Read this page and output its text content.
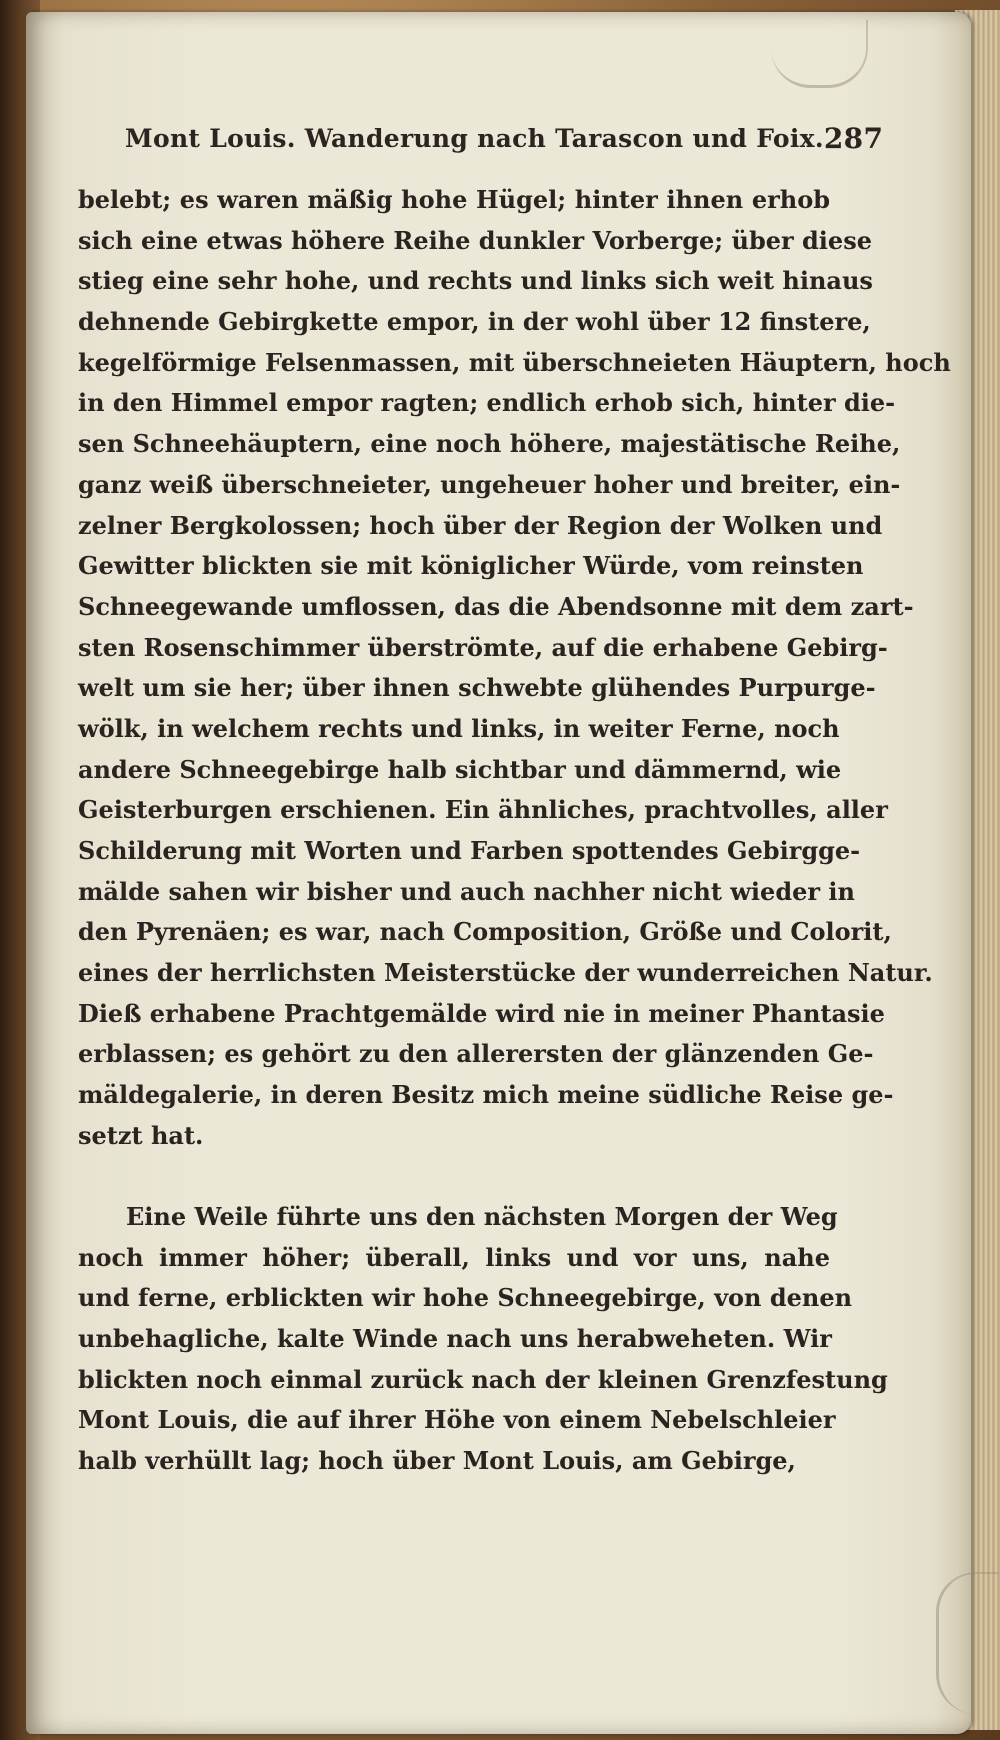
Mont Louis. Wanderung nach Tarascon und Foix. 287
belebt; es waren mäßig hohe Hügel; hinter ihnen erhob
sich eine etwas höhere Reihe dunkler Vorberge; über diese
stieg eine sehr hohe, und rechts und links sich weit hinaus
dehnende Gebirgkette empor, in der wohl über 12 finstere,
kegelförmige Felsenmassen, mit überschneieten Häuptern, hoch
in den Himmel empor ragten; endlich erhob sich, hinter die-
sen Schneehäuptern, eine noch höhere, majestätische Reihe,
ganz weiß überschneieter, ungeheuer hoher und breiter, ein-
zelner Bergkolossen; hoch über der Region der Wolken und
Gewitter blickten sie mit königlicher Würde, vom reinsten
Schneegewande umflossen, das die Abendsonne mit dem zart-
sten Rosenschimmer überströmte, auf die erhabene Gebirg-
welt um sie her; über ihnen schwebte glühendes Purpurge-
wölk, in welchem rechts und links, in weiter Ferne, noch
andere Schneegebirge halb sichtbar und dämmernd, wie
Geisterburgen erschienen. Ein ähnliches, prachtvolles, aller
Schilderung mit Worten und Farben spottendes Gebirgge-
mälde sahen wir bisher und auch nachher nicht wieder in
den Pyrenäen; es war, nach Composition, Größe und Colorit,
eines der herrlichsten Meisterstücke der wunderreichen Natur.
Dieß erhabene Prachtgemälde wird nie in meiner Phantasie
erblassen; es gehört zu den allerersten der glänzenden Ge-
mäldegalerie, in deren Besitz mich meine südliche Reise ge-
setzt hat.
Eine Weile führte uns den nächsten Morgen der Weg
noch immer höher; überall, links und vor uns, nahe
und ferne, erblickten wir hohe Schneegebirge, von denen
unbehagliche, kalte Winde nach uns herabweheten. Wir
blickten noch einmal zurück nach der kleinen Grenzfestung
Mont Louis, die auf ihrer Höhe von einem Nebelschleier
halb verhüllt lag; hoch über Mont Louis, am Gebirge,
